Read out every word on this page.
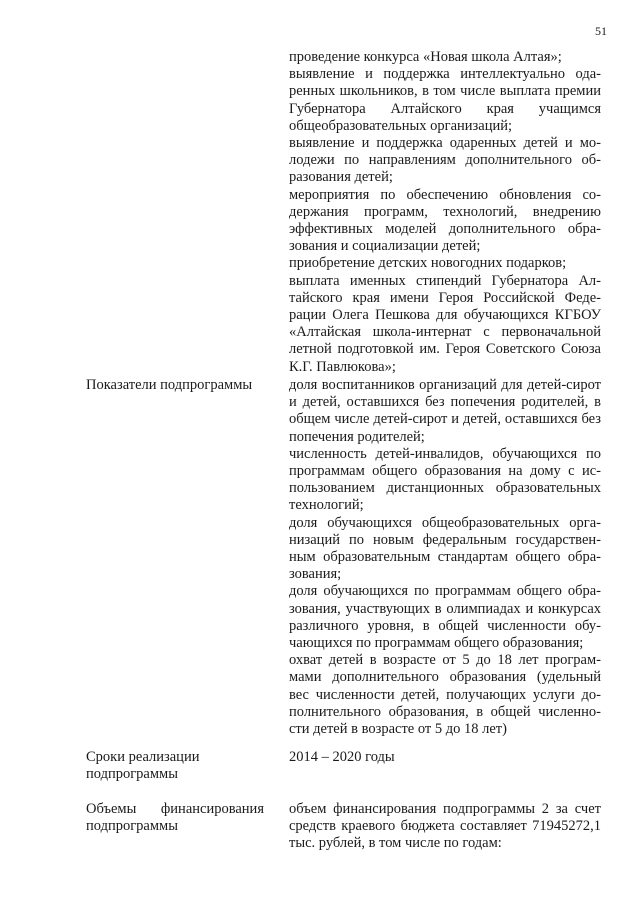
51
проведение конкурса «Новая школа Алтая»;
выявление и поддержка интеллектуально одаренных школьников, в том числе выплата премии Губернатора Алтайского края учащимся общеобразовательных организаций;
выявление и поддержка одаренных детей и молодежи по направлениям дополнительного образования детей;
мероприятия по обеспечению обновления содержания программ, технологий, внедрению эффективных моделей дополнительного образования и социализации детей;
приобретение детских новогодних подарков;
выплата именных стипендий Губернатора Алтайского края имени Героя Российской Федерации Олега Пешкова для обучающихся КГБОУ «Алтайская школа-интернат с первоначальной летной подготовкой им. Героя Советского Союза К.Г. Павлюкова»;
Показатели подпрограммы	доля воспитанников организаций для детей-сирот и детей, оставшихся без попечения родителей, в общем числе детей-сирот и детей, оставшихся без попечения родителей;
численность детей-инвалидов, обучающихся по программам общего образования на дому с использованием дистанционных образовательных технологий;
доля обучающихся общеобразовательных организаций по новым федеральным государственным образовательным стандартам общего образования;
доля обучающихся по программам общего образования, участвующих в олимпиадах и конкурсах различного уровня, в общей численности обучающихся по программам общего образования;
охват детей в возрасте от 5 до 18 лет программами дополнительного образования (удельный вес численности детей, получающих услуги дополнительного образования, в общей численности детей в возрасте от 5 до 18 лет)
Сроки реализации подпрограммы
2014 – 2020 годы
Объемы финансирования подпрограммы
объем финансирования подпрограммы 2 за счет средств краевого бюджета составляет 71945272,1 тыс. рублей, в том числе по годам:
